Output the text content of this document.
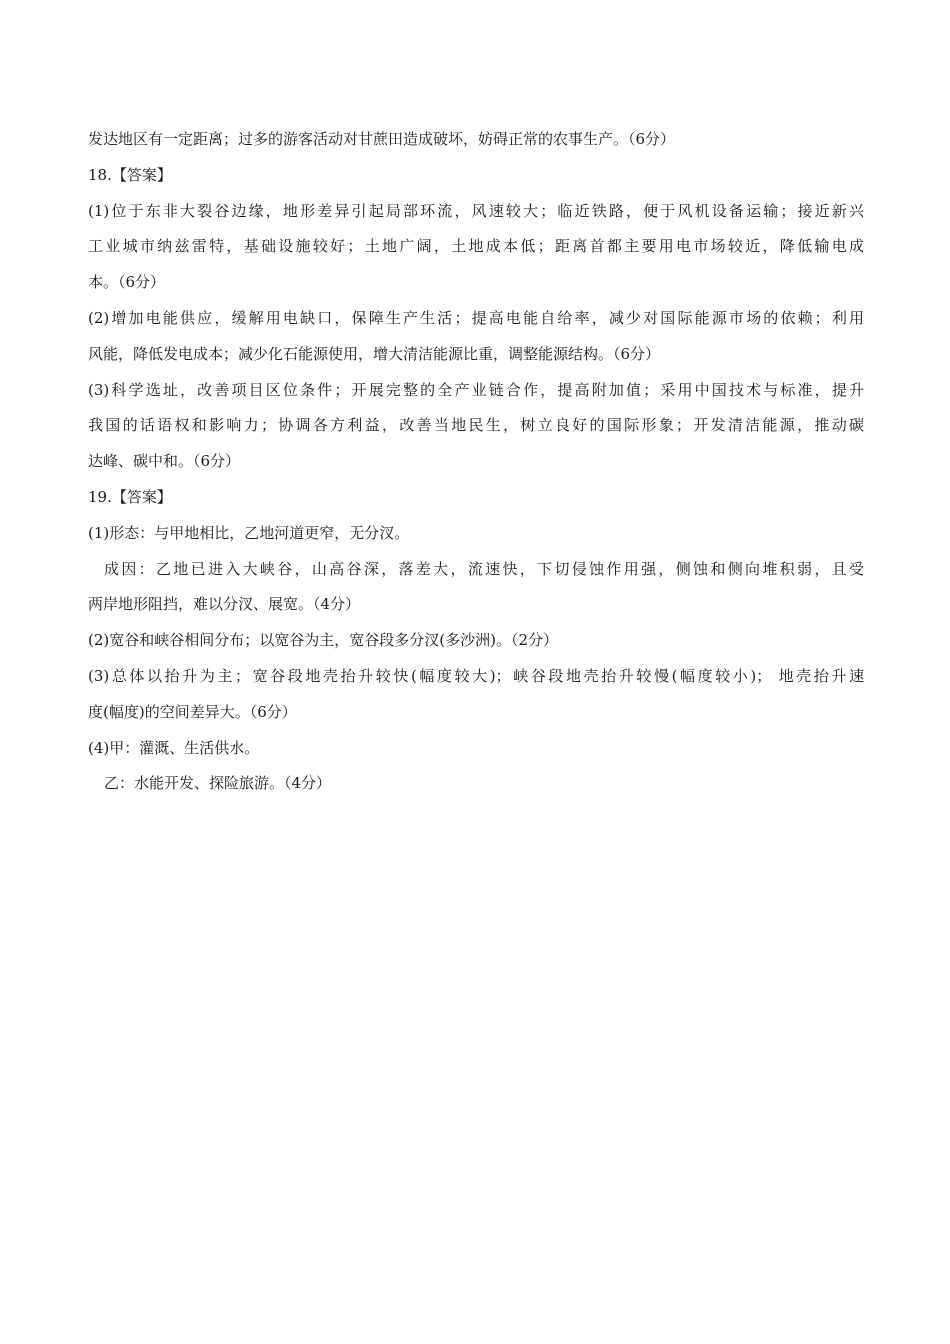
发达地区有一定距离；过多的游客活动对甘蔗田造成破坏，妨碍正常的农事生产。（6分）
18.【答案】
(1)位于东非大裂谷边缘，地形差异引起局部环流，风速较大；临近铁路，便于风机设备运输；接近新兴
工业城市纳兹雷特，基础设施较好；土地广阔，土地成本低；距离首都主要用电市场较近，降低输电成
本。（6分）
(2)增加电能供应，缓解用电缺口，保障生产生活；提高电能自给率，减少对国际能源市场的依赖；利用
风能，降低发电成本；减少化石能源使用，增大清洁能源比重，调整能源结构。（6分）
(3)科学选址，改善项目区位条件；开展完整的全产业链合作，提高附加值；采用中国技术与标准，提升
我国的话语权和影响力；协调各方利益，改善当地民生，树立良好的国际形象；开发清洁能源，推动碳
达峰、碳中和。（6分）
19.【答案】
(1)形态：与甲地相比，乙地河道更窄，无分汊。
成因：乙地已进入大峡谷，山高谷深，落差大，流速快，下切侵蚀作用强，侧蚀和侧向堆积弱，且受
两岸地形阻挡，难以分汊、展宽。（4分）
(2)宽谷和峡谷相间分布；以宽谷为主，宽谷段多分汊(多沙洲)。（2分）
(3)总体以抬升为主；宽谷段地壳抬升较快(幅度较大)；峡谷段地壳抬升较慢(幅度较小)； 地壳抬升速
度(幅度)的空间差异大。（6分）
(4)甲：灌溉、生活供水。
乙：水能开发、探险旅游。（4分）
